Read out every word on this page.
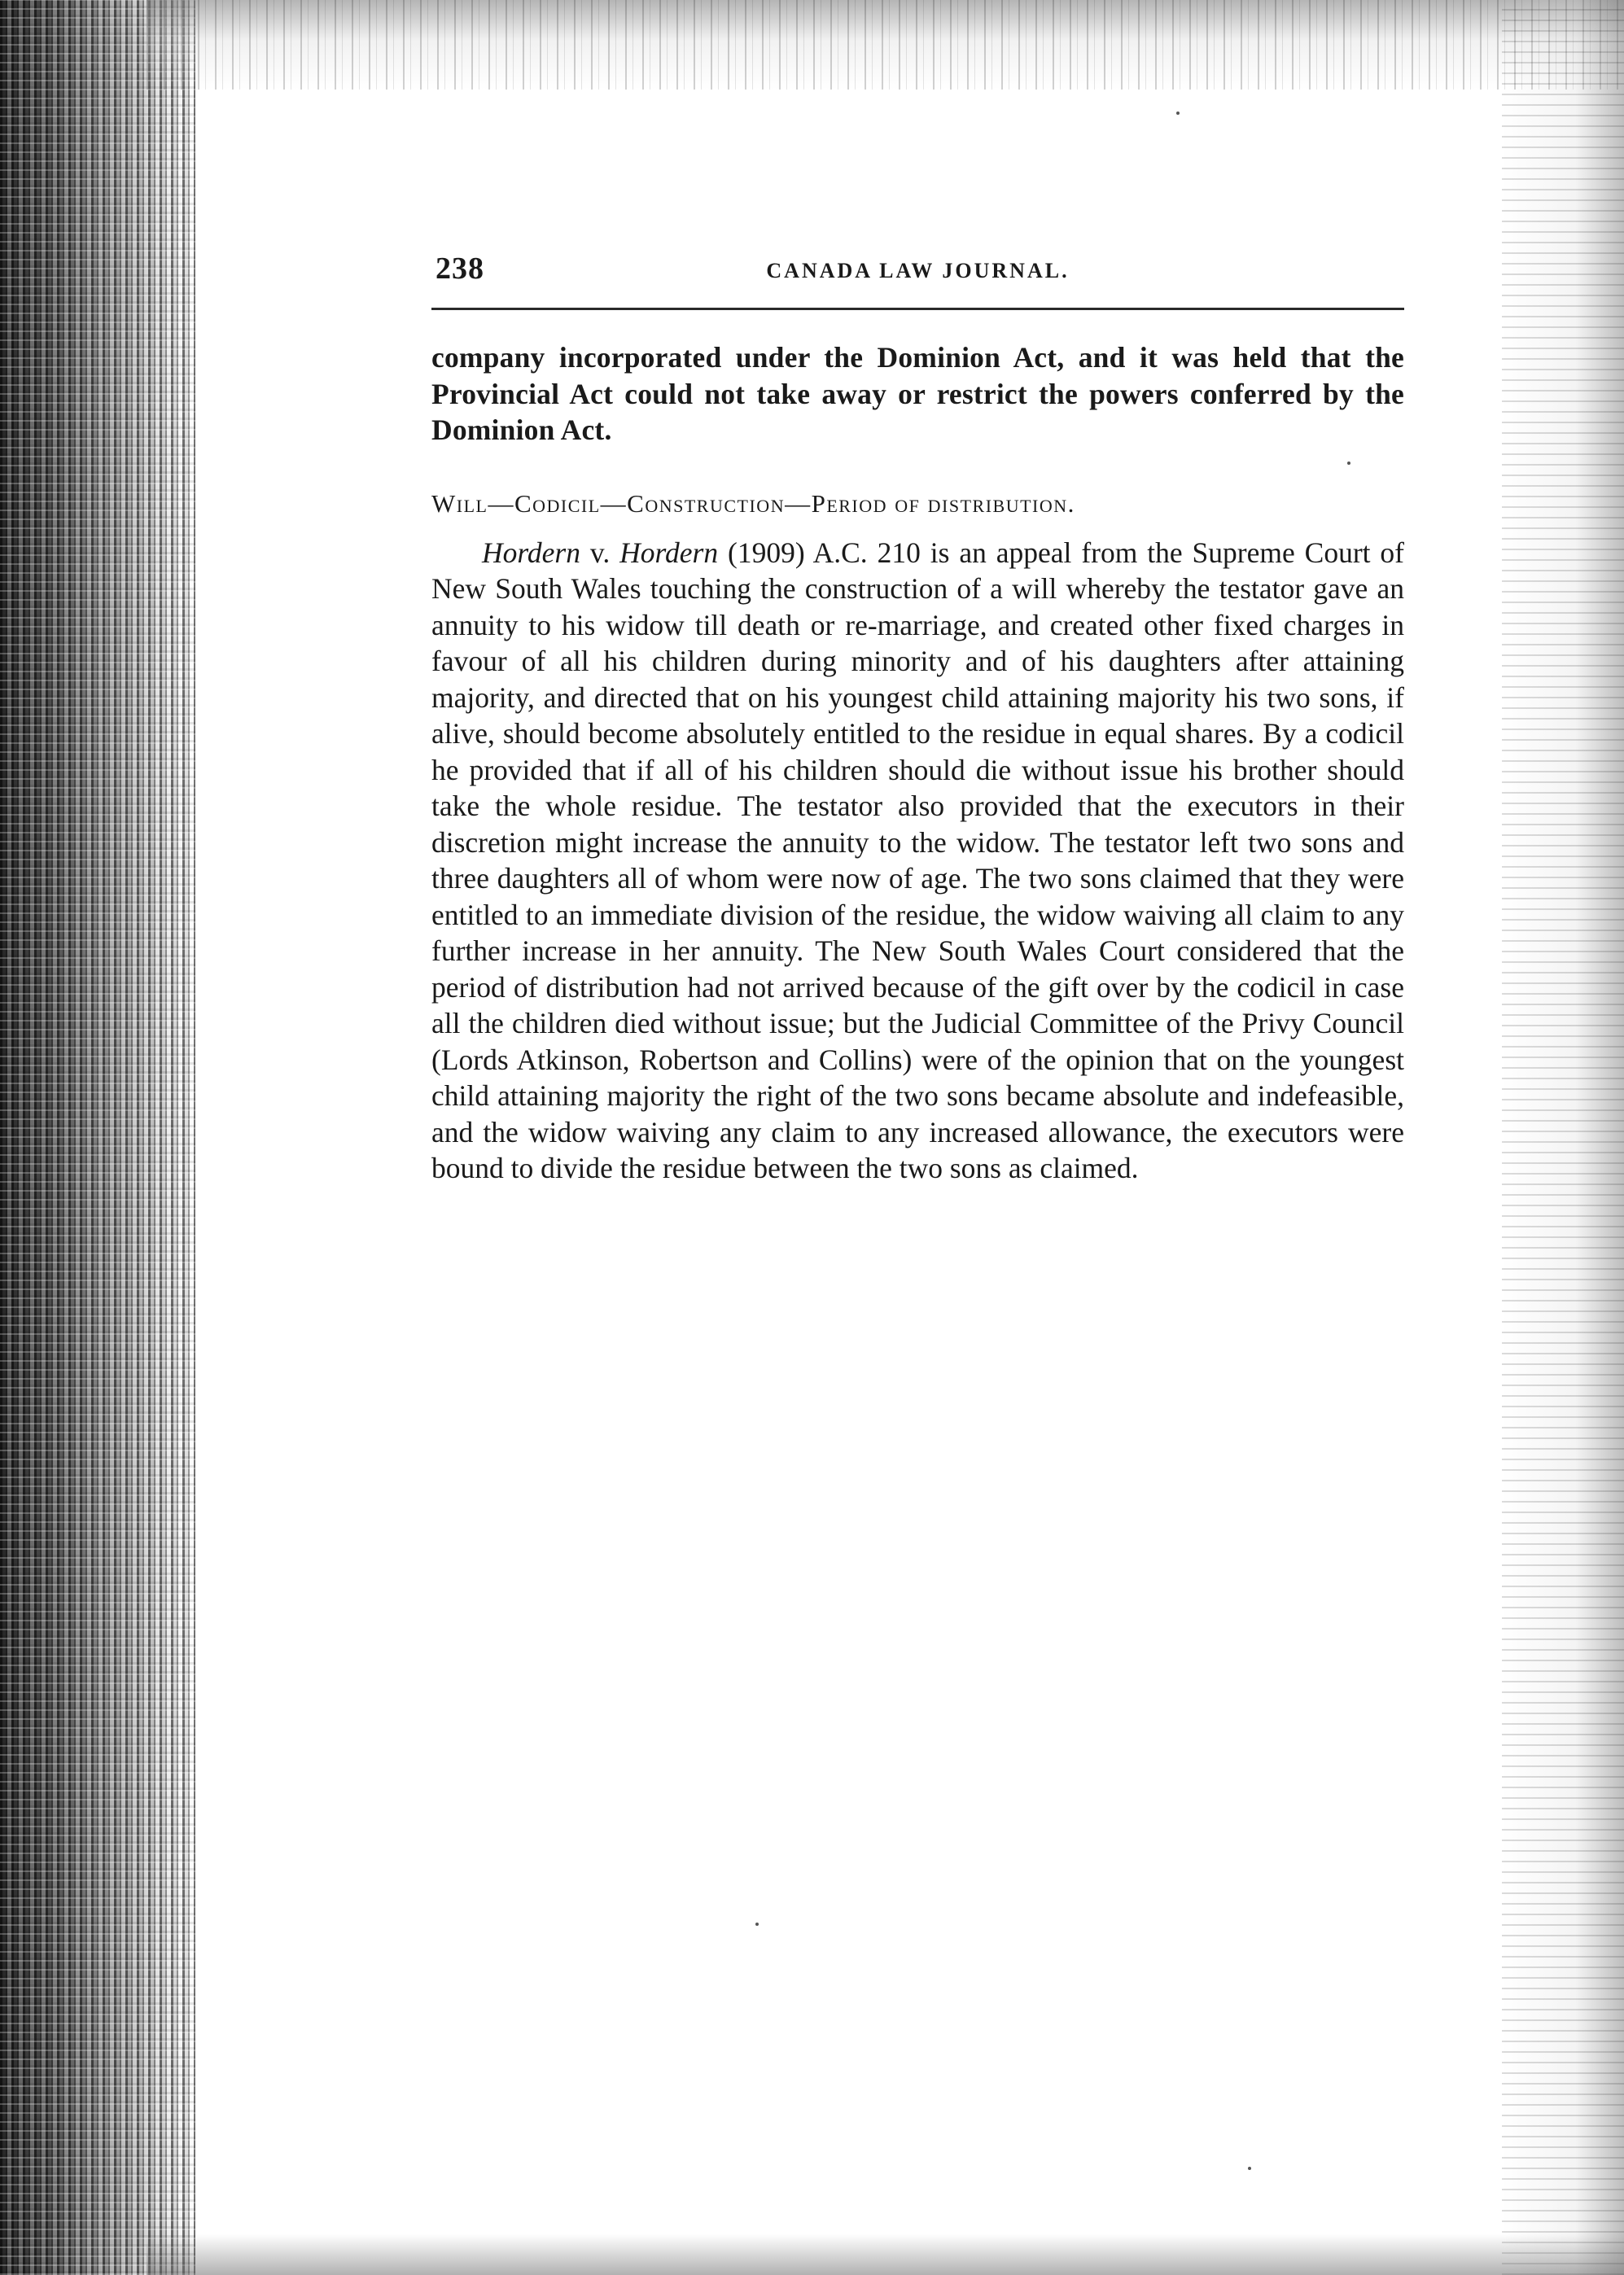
238	CANADA LAW JOURNAL.

company incorporated under the Dominion Act, and it was held that the Provincial Act could not take away or restrict the powers conferred by the Dominion Act.

Will—Codicil—Construction—Period of distribution.

Hordern v. Hordern (1909) A.C. 210 is an appeal from the Supreme Court of New South Wales touching the construction of a will whereby the testator gave an annuity to his widow till death or re-marriage, and created other fixed charges in favour of all his children during minority and of his daughters after attaining majority, and directed that on his youngest child attaining majority his two sons, if alive, should become absolutely entitled to the residue in equal shares. By a codicil he provided that if all of his children should die without issue his brother should take the whole residue. The testator also provided that the executors in their discretion might increase the annuity to the widow. The testator left two sons and three daughters all of whom were now of age. The two sons claimed that they were entitled to an immediate division of the residue, the widow waiving all claim to any further increase in her annuity. The New South Wales Court considered that the period of distribution had not arrived because of the gift over by the codicil in case all the children died without issue; but the Judicial Committee of the Privy Council (Lords Atkinson, Robertson and Collins) were of the opinion that on the youngest child attaining majority the right of the two sons became absolute and indefeasible, and the widow waiving any claim to any increased allowance, the executors were bound to divide the residue between the two sons as claimed.
